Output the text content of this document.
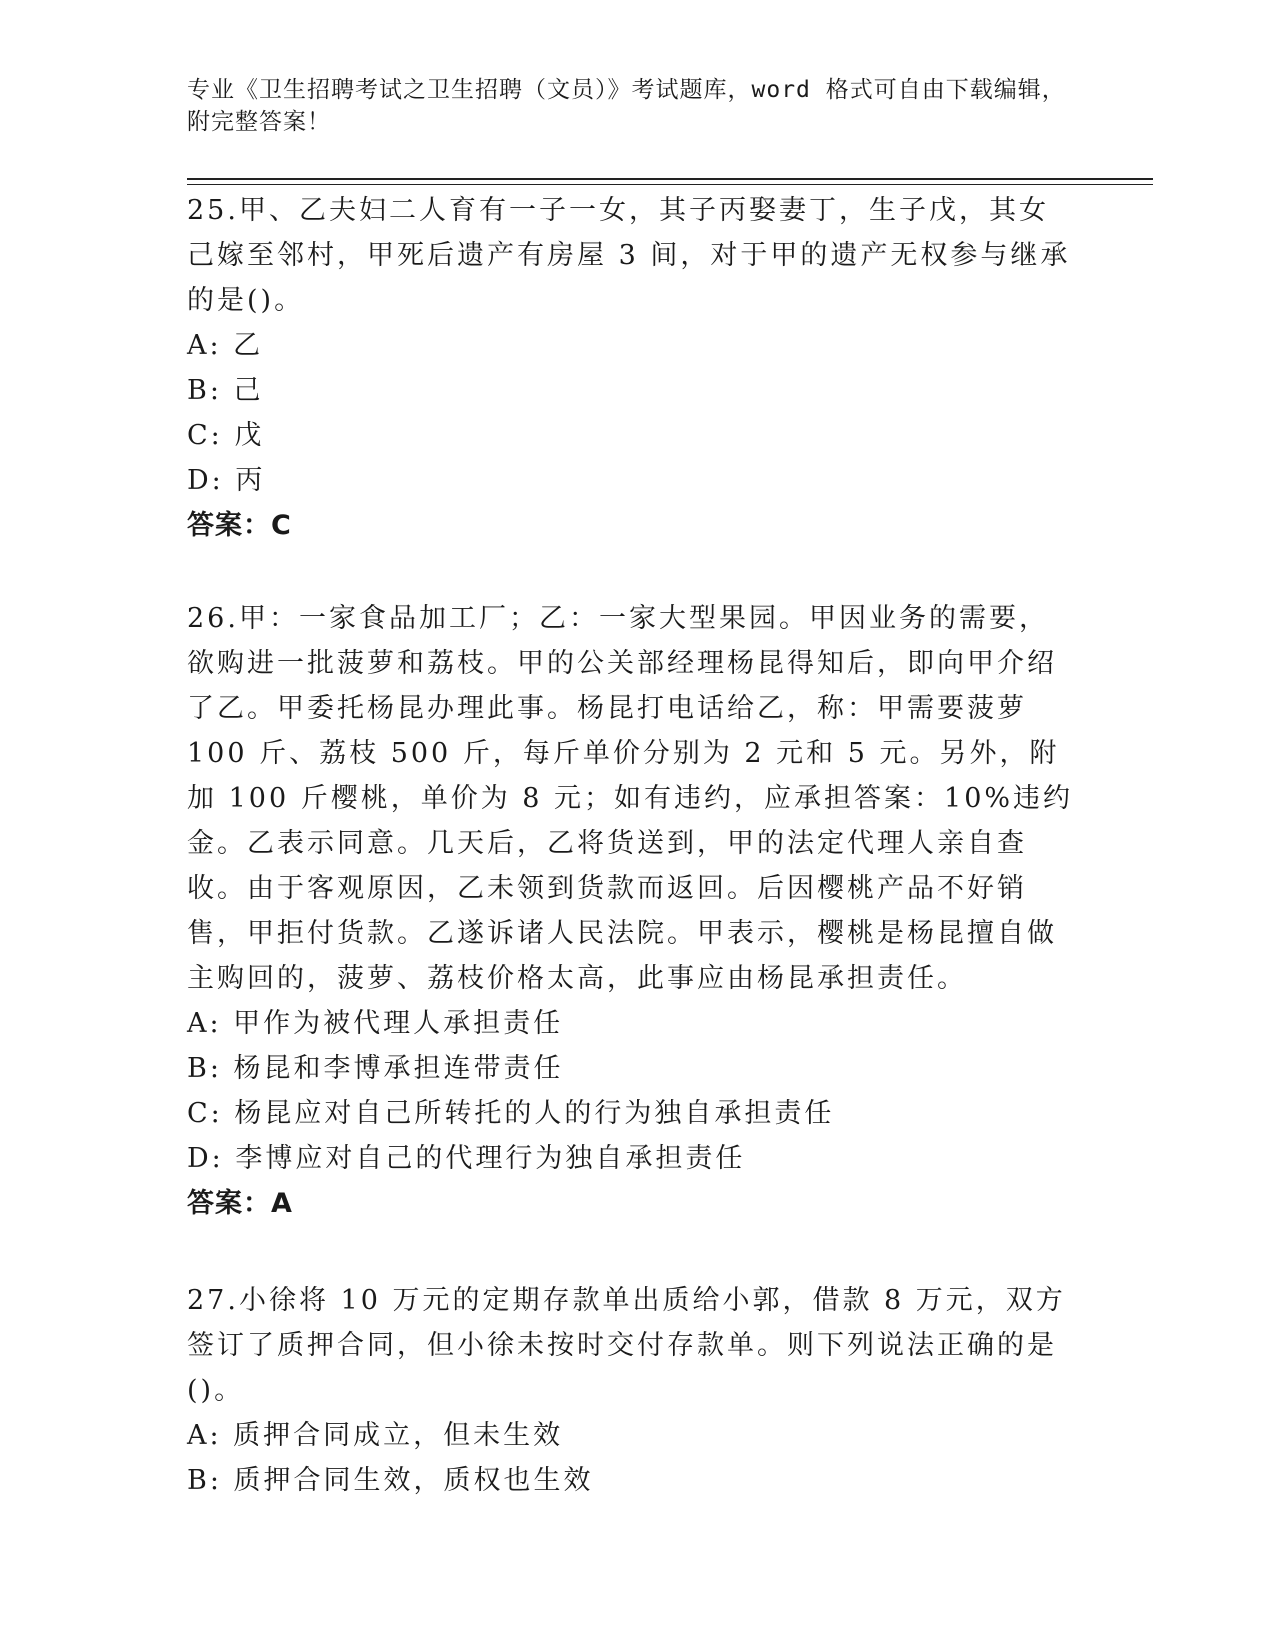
专业《卫生招聘考试之卫生招聘（文员）》考试题库，word 格式可自由下载编辑，附完整答案！
25.甲、乙夫妇二人育有一子一女，其子丙娶妻丁，生子戊，其女己嫁至邻村，甲死后遗产有房屋 3 间，对于甲的遗产无权参与继承的是()。
A: 乙
B: 己
C: 戊
D: 丙
答案：C
26.甲：一家食品加工厂；乙：一家大型果园。甲因业务的需要，欲购进一批菠萝和荔枝。甲的公关部经理杨昆得知后，即向甲介绍了乙。甲委托杨昆办理此事。杨昆打电话给乙，称：甲需要菠萝 100 斤、荔枝 500 斤，每斤单价分别为 2 元和 5 元。另外，附加 100 斤樱桃，单价为 8 元；如有违约，应承担答案：10%违约金。乙表示同意。几天后，乙将货送到，甲的法定代理人亲自查收。由于客观原因，乙未领到货款而返回。后因樱桃产品不好销售，甲拒付货款。乙遂诉诸人民法院。甲表示，樱桃是杨昆擅自做主购回的，菠萝、荔枝价格太高，此事应由杨昆承担责任。
A: 甲作为被代理人承担责任
B: 杨昆和李博承担连带责任
C: 杨昆应对自己所转托的人的行为独自承担责任
D: 李博应对自己的代理行为独自承担责任
答案：A
27.小徐将 10 万元的定期存款单出质给小郭，借款 8 万元，双方签订了质押合同，但小徐未按时交付存款单。则下列说法正确的是()。
A: 质押合同成立，但未生效
B: 质押合同生效，质权也生效
